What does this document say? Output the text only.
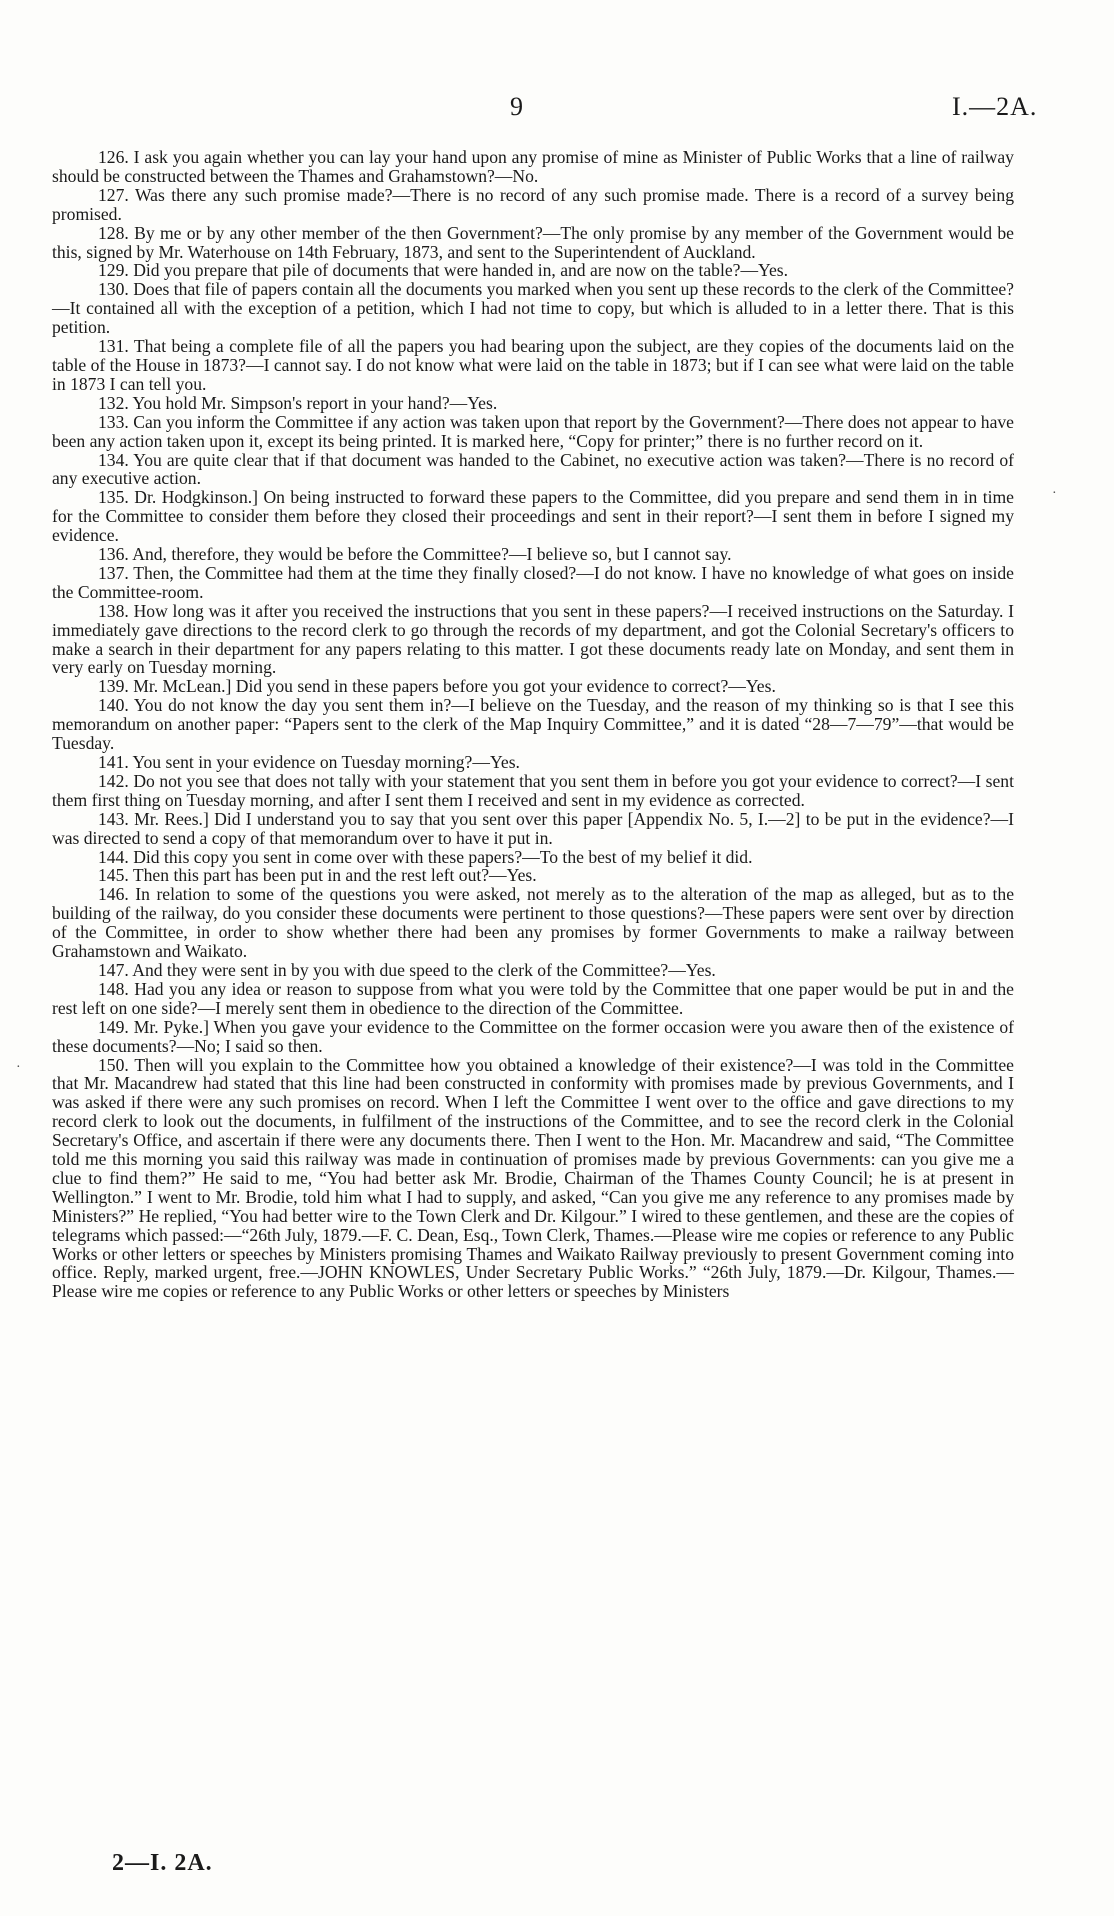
9	I.—2A.

126. I ask you again whether you can lay your hand upon any promise of mine as Minister of Public Works that a line of railway should be constructed between the Thames and Grahamstown?—No.

127. Was there any such promise made?—There is no record of any such promise made. There is a record of a survey being promised.

128. By me or by any other member of the then Government?—The only promise by any member of the Government would be this, signed by Mr. Waterhouse on 14th February, 1873, and sent to the Superintendent of Auckland.

129. Did you prepare that pile of documents that were handed in, and are now on the table?—Yes.

130. Does that file of papers contain all the documents you marked when you sent up these records to the clerk of the Committee?—It contained all with the exception of a petition, which I had not time to copy, but which is alluded to in a letter there. That is this petition.

131. That being a complete file of all the papers you had bearing upon the subject, are they copies of the documents laid on the table of the House in 1873?—I cannot say. I do not know what were laid on the table in 1873; but if I can see what were laid on the table in 1873 I can tell you.

132. You hold Mr. Simpson's report in your hand?—Yes.

133. Can you inform the Committee if any action was taken upon that report by the Government?—There does not appear to have been any action taken upon it, except its being printed. It is marked here, “Copy for printer;” there is no further record on it.

134. You are quite clear that if that document was handed to the Cabinet, no executive action was taken?—There is no record of any executive action.

135. Dr. Hodgkinson.] On being instructed to forward these papers to the Committee, did you prepare and send them in in time for the Committee to consider them before they closed their proceedings and sent in their report?—I sent them in before I signed my evidence.

136. And, therefore, they would be before the Committee?—I believe so, but I cannot say.

137. Then, the Committee had them at the time they finally closed?—I do not know. I have no knowledge of what goes on inside the Committee-room.

138. How long was it after you received the instructions that you sent in these papers?—I received instructions on the Saturday. I immediately gave directions to the record clerk to go through the records of my department, and got the Colonial Secretary's officers to make a search in their department for any papers relating to this matter. I got these documents ready late on Monday, and sent them in very early on Tuesday morning.

139. Mr. McLean.] Did you send in these papers before you got your evidence to correct?—Yes.

140. You do not know the day you sent them in?—I believe on the Tuesday, and the reason of my thinking so is that I see this memorandum on another paper: “Papers sent to the clerk of the Map Inquiry Committee,” and it is dated “28—7—79”—that would be Tuesday.

141. You sent in your evidence on Tuesday morning?—Yes.

142. Do not you see that does not tally with your statement that you sent them in before you got your evidence to correct?—I sent them first thing on Tuesday morning, and after I sent them I received and sent in my evidence as corrected.

143. Mr. Rees.] Did I understand you to say that you sent over this paper [Appendix No. 5, I.—2] to be put in the evidence?—I was directed to send a copy of that memorandum over to have it put in.

144. Did this copy you sent in come over with these papers?—To the best of my belief it did.

145. Then this part has been put in and the rest left out?—Yes.

146. In relation to some of the questions you were asked, not merely as to the alteration of the map as alleged, but as to the building of the railway, do you consider these documents were pertinent to those questions?—These papers were sent over by direction of the Committee, in order to show whether there had been any promises by former Governments to make a railway between Grahamstown and Waikato.

147. And they were sent in by you with due speed to the clerk of the Committee?—Yes.

148. Had you any idea or reason to suppose from what you were told by the Committee that one paper would be put in and the rest left on one side?—I merely sent them in obedience to the direction of the Committee.

149. Mr. Pyke.] When you gave your evidence to the Committee on the former occasion were you aware then of the existence of these documents?—No; I said so then.

150. Then will you explain to the Committee how you obtained a knowledge of their existence?—I was told in the Committee that Mr. Macandrew had stated that this line had been constructed in conformity with promises made by previous Governments, and I was asked if there were any such promises on record. When I left the Committee I went over to the office and gave directions to my record clerk to look out the documents, in fulfilment of the instructions of the Committee, and to see the record clerk in the Colonial Secretary's Office, and ascertain if there were any documents there. Then I went to the Hon. Mr. Macandrew and said, “The Committee told me this morning you said this railway was made in continuation of promises made by previous Governments: can you give me a clue to find them?” He said to me, “You had better ask Mr. Brodie, Chairman of the Thames County Council; he is at present in Wellington.” I went to Mr. Brodie, told him what I had to supply, and asked, “Can you give me any reference to any promises made by Ministers?” He replied, “You had better wire to the Town Clerk and Dr. Kilgour.” I wired to these gentlemen, and these are the copies of telegrams which passed:—“26th July, 1879.—F. C. Dean, Esq., Town Clerk, Thames.—Please wire me copies or reference to any Public Works or other letters or speeches by Ministers promising Thames and Waikato Railway previously to present Government coming into office. Reply, marked urgent, free.—JOHN KNOWLES, Under Secretary Public Works.” “26th July, 1879.—Dr. Kilgour, Thames.—Please wire me copies or reference to any Public Works or other letters or speeches by Ministers

·
·
2—I. 2A.
